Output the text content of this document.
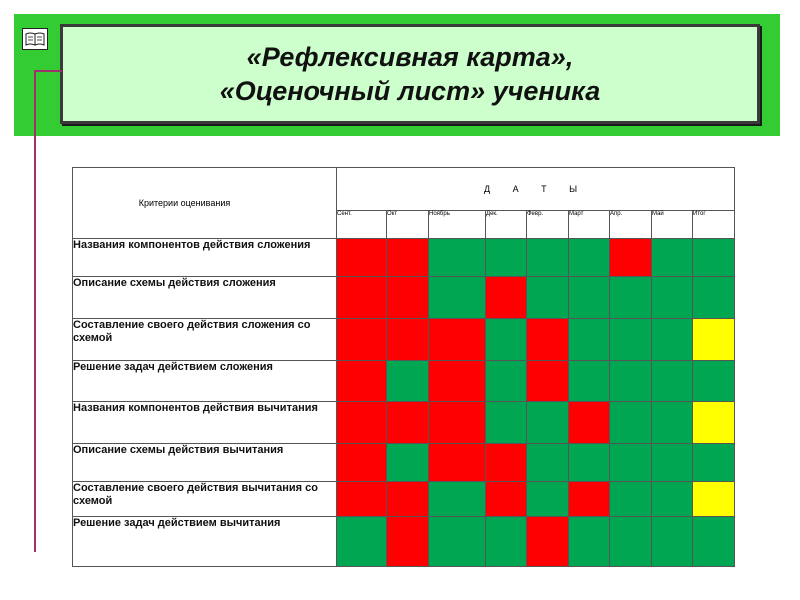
«Рефлексивная карта»,
«Оценочный лист» ученика
Критерии оценивания	Д А Т Ы								
	Сент.	Окт	Ноябрь	Дек.	Февр.	Март	Апр.	Май	Итог
Названия компонентов действия сложения									
Описание схемы действия сложения									
Составление своего действия сложения со схемой									
Решение задач действием сложения									
Названия компонентов действия вычитания									
Описание схемы действия вычитания									
Составление своего действия вычитания со схемой									
Решение задач действием вычитания									
